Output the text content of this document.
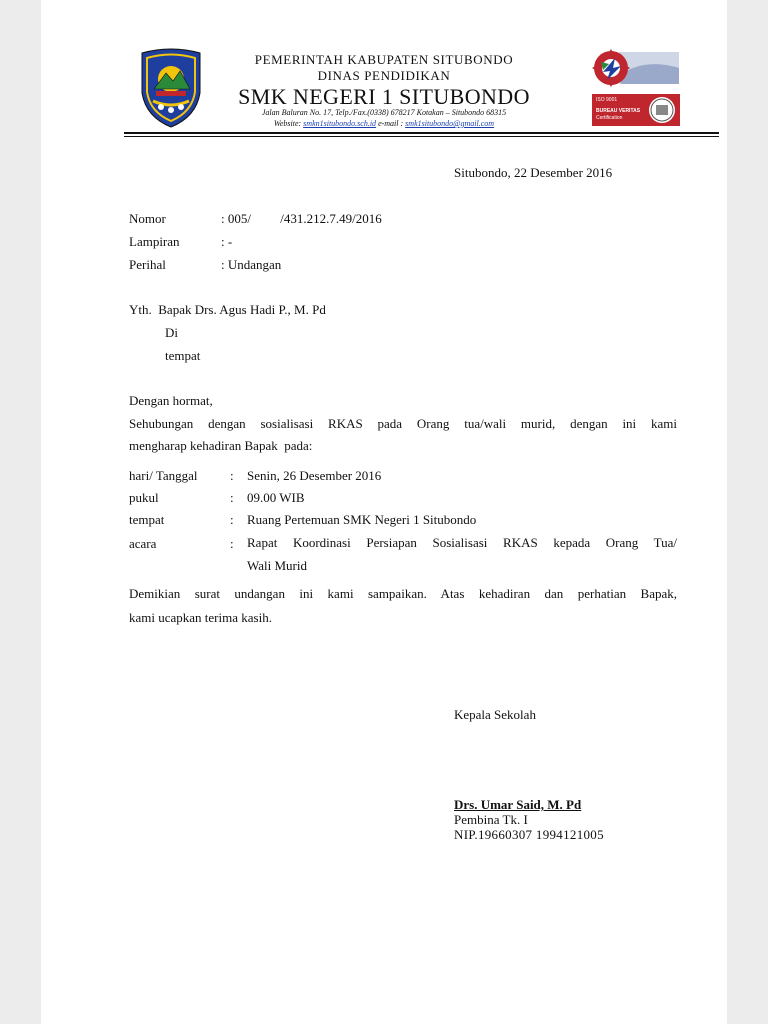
ISO 9001
BUREAU VERITAS
Certification
PEMERINTAH KABUPATEN SITUBONDO
DINAS PENDIDIKAN
SMK NEGERI 1 SITUBONDO
Jalan Baluran No. 17, Telp./Fax.(0338) 678217 Kotakan – Situbondo 68315
Website: smkn1situbondo.sch.id e-mail : smk1situbondo@gmail.com
Situbondo, 22 Desember 2016
Nomor	: 005/         /431.212.7.49/2016
Lampiran	: -
Perihal	: Undangan
Yth.  Bapak Drs. Agus Hadi P., M. Pd
Di
tempat
Dengan hormat,
Sehubungan dengan sosialisasi RKAS pada Orang tua/wali murid, dengan ini kami
mengharap kehadiran Bapak  pada:
hari/ Tanggal : Senin, 26 Desember 2016
pukul	: 09.00 WIB
tempat	: Ruang Pertemuan SMK Negeri 1 Situbondo
acara	: Rapat Koordinasi Persiapan Sosialisasi RKAS kepada Orang Tua/
Wali Murid
Demikian surat undangan ini kami sampaikan. Atas kehadiran dan perhatian Bapak,
kami ucapkan terima kasih.
Kepala Sekolah
Drs. Umar Said, M. Pd
Pembina Tk. I
NIP.19660307 1994121005
